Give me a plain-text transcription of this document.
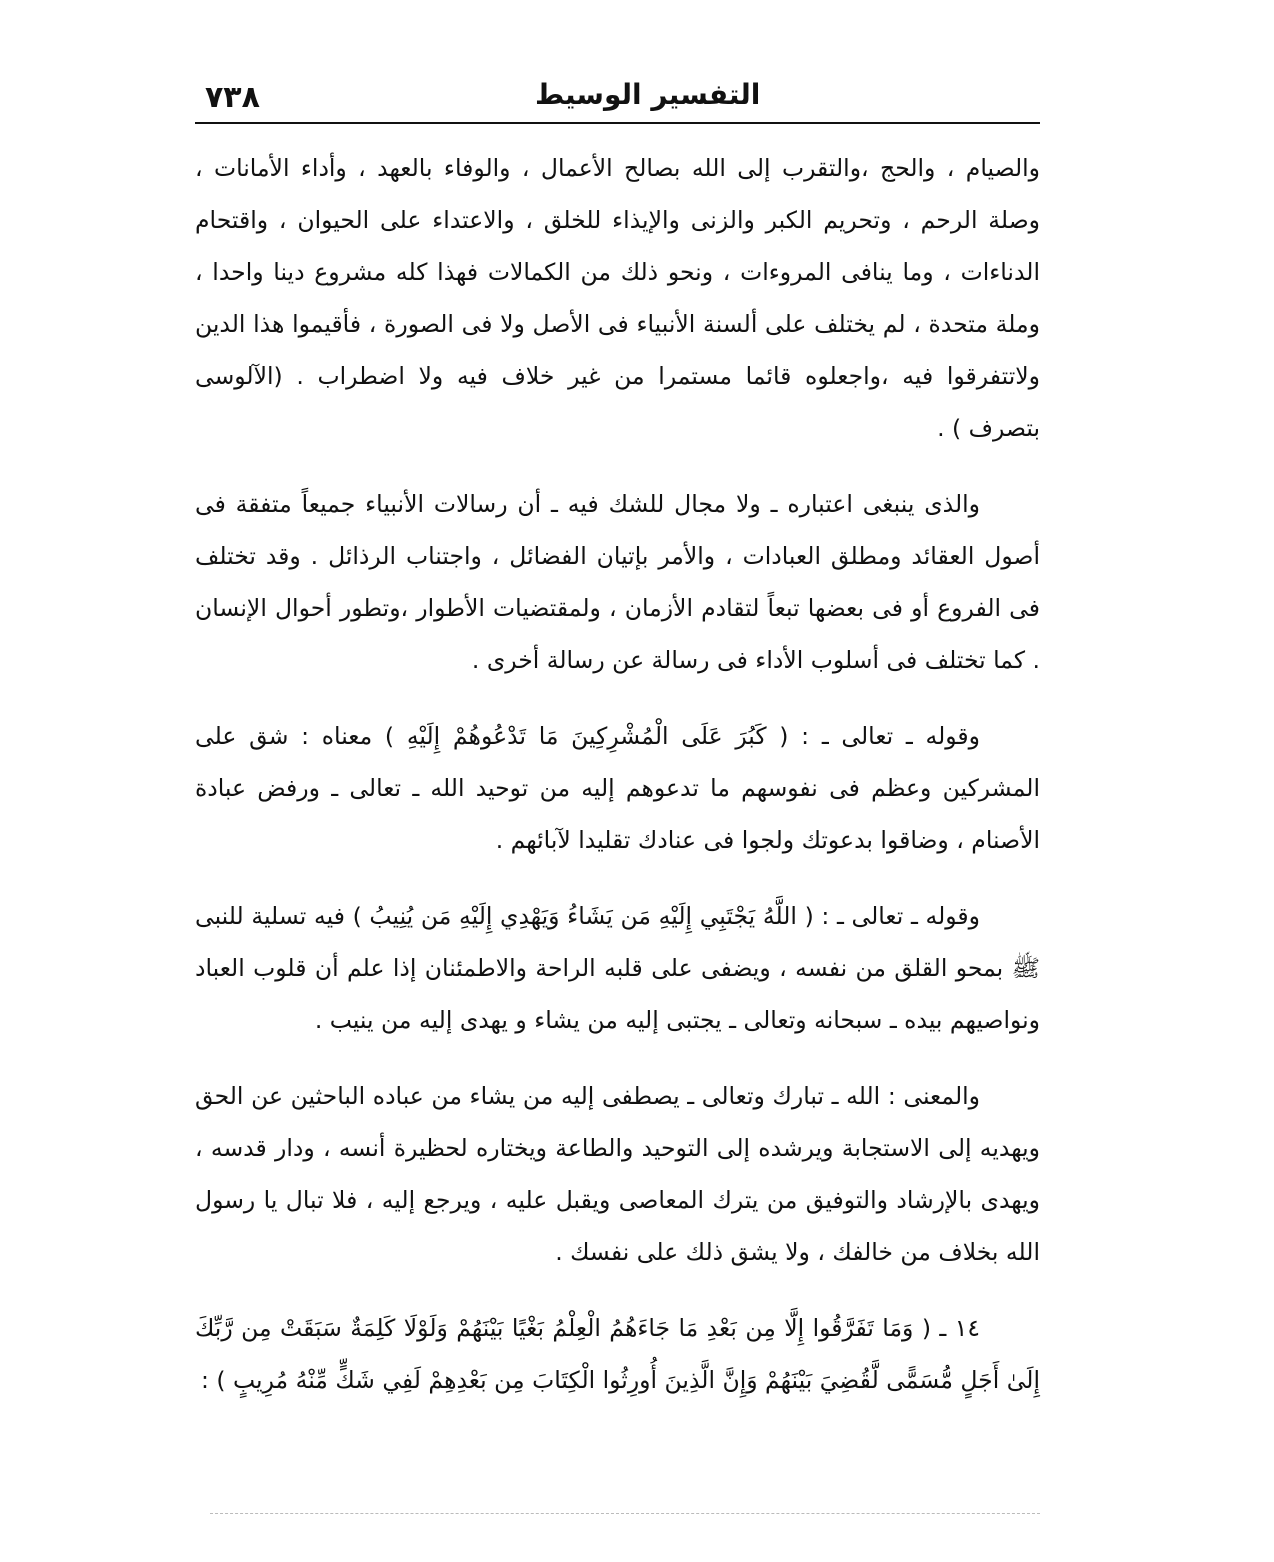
٧٣٨	التفسير الوسيط

والصيام ، والحج ،والتقرب إلى الله بصالح الأعمال ، والوفاء بالعهد ، وأداء الأمانات ، وصلة الرحم ، وتحريم الكبر والزنى والإيذاء للخلق ، والاعتداء على الحيوان ، واقتحام الدناءات ، وما ينافى المروءات ، ونحو ذلك من الكمالات فهذا كله مشروع دينا واحدا ، وملة متحدة ، لم يختلف على ألسنة الأنبياء فى الأصل ولا فى الصورة ، فأقيموا هذا الدين ولاتتفرقوا فيه ،واجعلوه قائما مستمرا من غير خلاف فيه ولا اضطراب . (الآلوسى بتصرف ) .

والذى ينبغى اعتباره ـ ولا مجال للشك فيه ـ أن رسالات الأنبياء جميعاً متفقة فى أصول العقائد ومطلق العبادات ، والأمر بإتيان الفضائل ، واجتناب الرذائل . وقد تختلف فى الفروع أو فى بعضها تبعاً لتقادم الأزمان ، ولمقتضيات الأطوار ،وتطور أحوال الإنسان . كما تختلف فى أسلوب الأداء فى رسالة عن رسالة أخرى .

وقوله ـ تعالى ـ : ( كَبُرَ عَلَى الْمُشْرِكِينَ مَا تَدْعُوهُمْ إِلَيْهِ ) معناه : شق على المشركين وعظم فى نفوسهم ما تدعوهم إليه من توحيد الله ـ تعالى ـ ورفض عبادة الأصنام ، وضاقوا بدعوتك ولجوا فى عنادك تقليدا لآبائهم .

وقوله ـ تعالى ـ : ( اللَّهُ يَجْتَبِي إِلَيْهِ مَن يَشَاءُ وَيَهْدِي إِلَيْهِ مَن يُنِيبُ ) فيه تسلية للنبى ﷺ بمحو القلق من نفسه ، ويضفى على قلبه الراحة والاطمئنان إذا علم أن قلوب العباد ونواصيهم بيده ـ سبحانه وتعالى ـ يجتبى إليه من يشاء و يهدى إليه من ينيب .

والمعنى : الله ـ تبارك وتعالى ـ يصطفى إليه من يشاء من عباده الباحثين عن الحق ويهديه إلى الاستجابة ويرشده إلى التوحيد والطاعة ويختاره لحظيرة أنسه ، ودار قدسه ، ويهدى بالإرشاد والتوفيق من يترك المعاصى ويقبل عليه ، ويرجع إليه ، فلا تبال يا رسول الله بخلاف من خالفك ، ولا يشق ذلك على نفسك .

١٤ ـ ( وَمَا تَفَرَّقُوا إِلَّا مِن بَعْدِ مَا جَاءَهُمُ الْعِلْمُ بَغْيًا بَيْنَهُمْ وَلَوْلَا كَلِمَةٌ سَبَقَتْ مِن رَّبِّكَ إِلَىٰ أَجَلٍ مُّسَمًّى لَّقُضِيَ بَيْنَهُمْ وَإِنَّ الَّذِينَ أُورِثُوا الْكِتَابَ مِن بَعْدِهِمْ لَفِي شَكٍّ مِّنْهُ مُرِيبٍ ) :
